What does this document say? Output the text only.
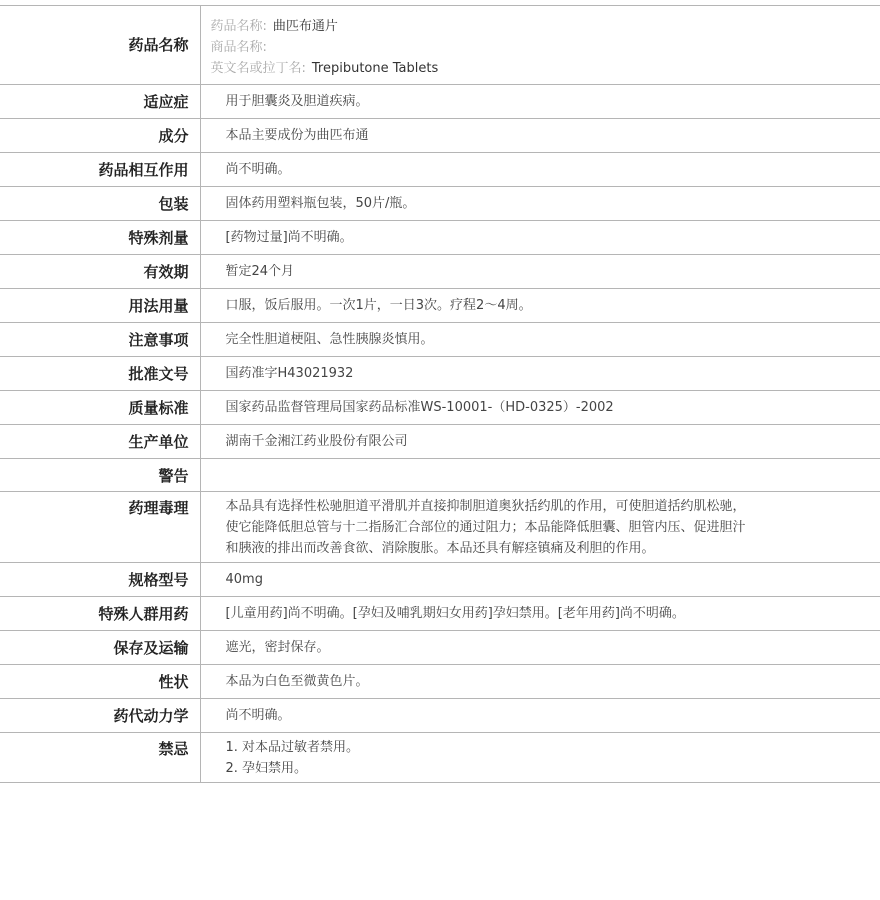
药品名称	药品名称: 曲匹布通片
商品名称:
英文名或拉丁名: Trepibutone Tablets

适应症	用于胆囊炎及胆道疾病。
成分	本品主要成份为曲匹布通
药品相互作用	尚不明确。
包装	固体药用塑料瓶包装，50片/瓶。
特殊剂量	[药物过量]尚不明确。
有效期	暂定24个月
用法用量	口服，饭后服用。一次1片，一日3次。疗程2～4周。
注意事项	完全性胆道梗阻、急性胰腺炎慎用。
批准文号	国药准字H43021932
质量标准	国家药品监督管理局国家药品标准WS-10001-（HD-0325）-2002
生产单位	湖南千金湘江药业股份有限公司
警告	
药理毒理	本品具有选择性松驰胆道平滑肌并直接抑制胆道奥狄括约肌的作用，可使胆道括约肌松驰，
使它能降低胆总管与十二指肠汇合部位的通过阻力；本品能降低胆囊、胆管内压、促进胆汁
和胰液的排出而改善食欲、消除腹胀。本品还具有解痉镇痛及利胆的作用。

规格型号	40mg
特殊人群用药	[儿童用药]尚不明确。[孕妇及哺乳期妇女用药]孕妇禁用。[老年用药]尚不明确。
保存及运输	遮光，密封保存。
性状	本品为白色至微黄色片。
药代动力学	尚不明确。
禁忌	1. 对本品过敏者禁用。
2. 孕妇禁用。
